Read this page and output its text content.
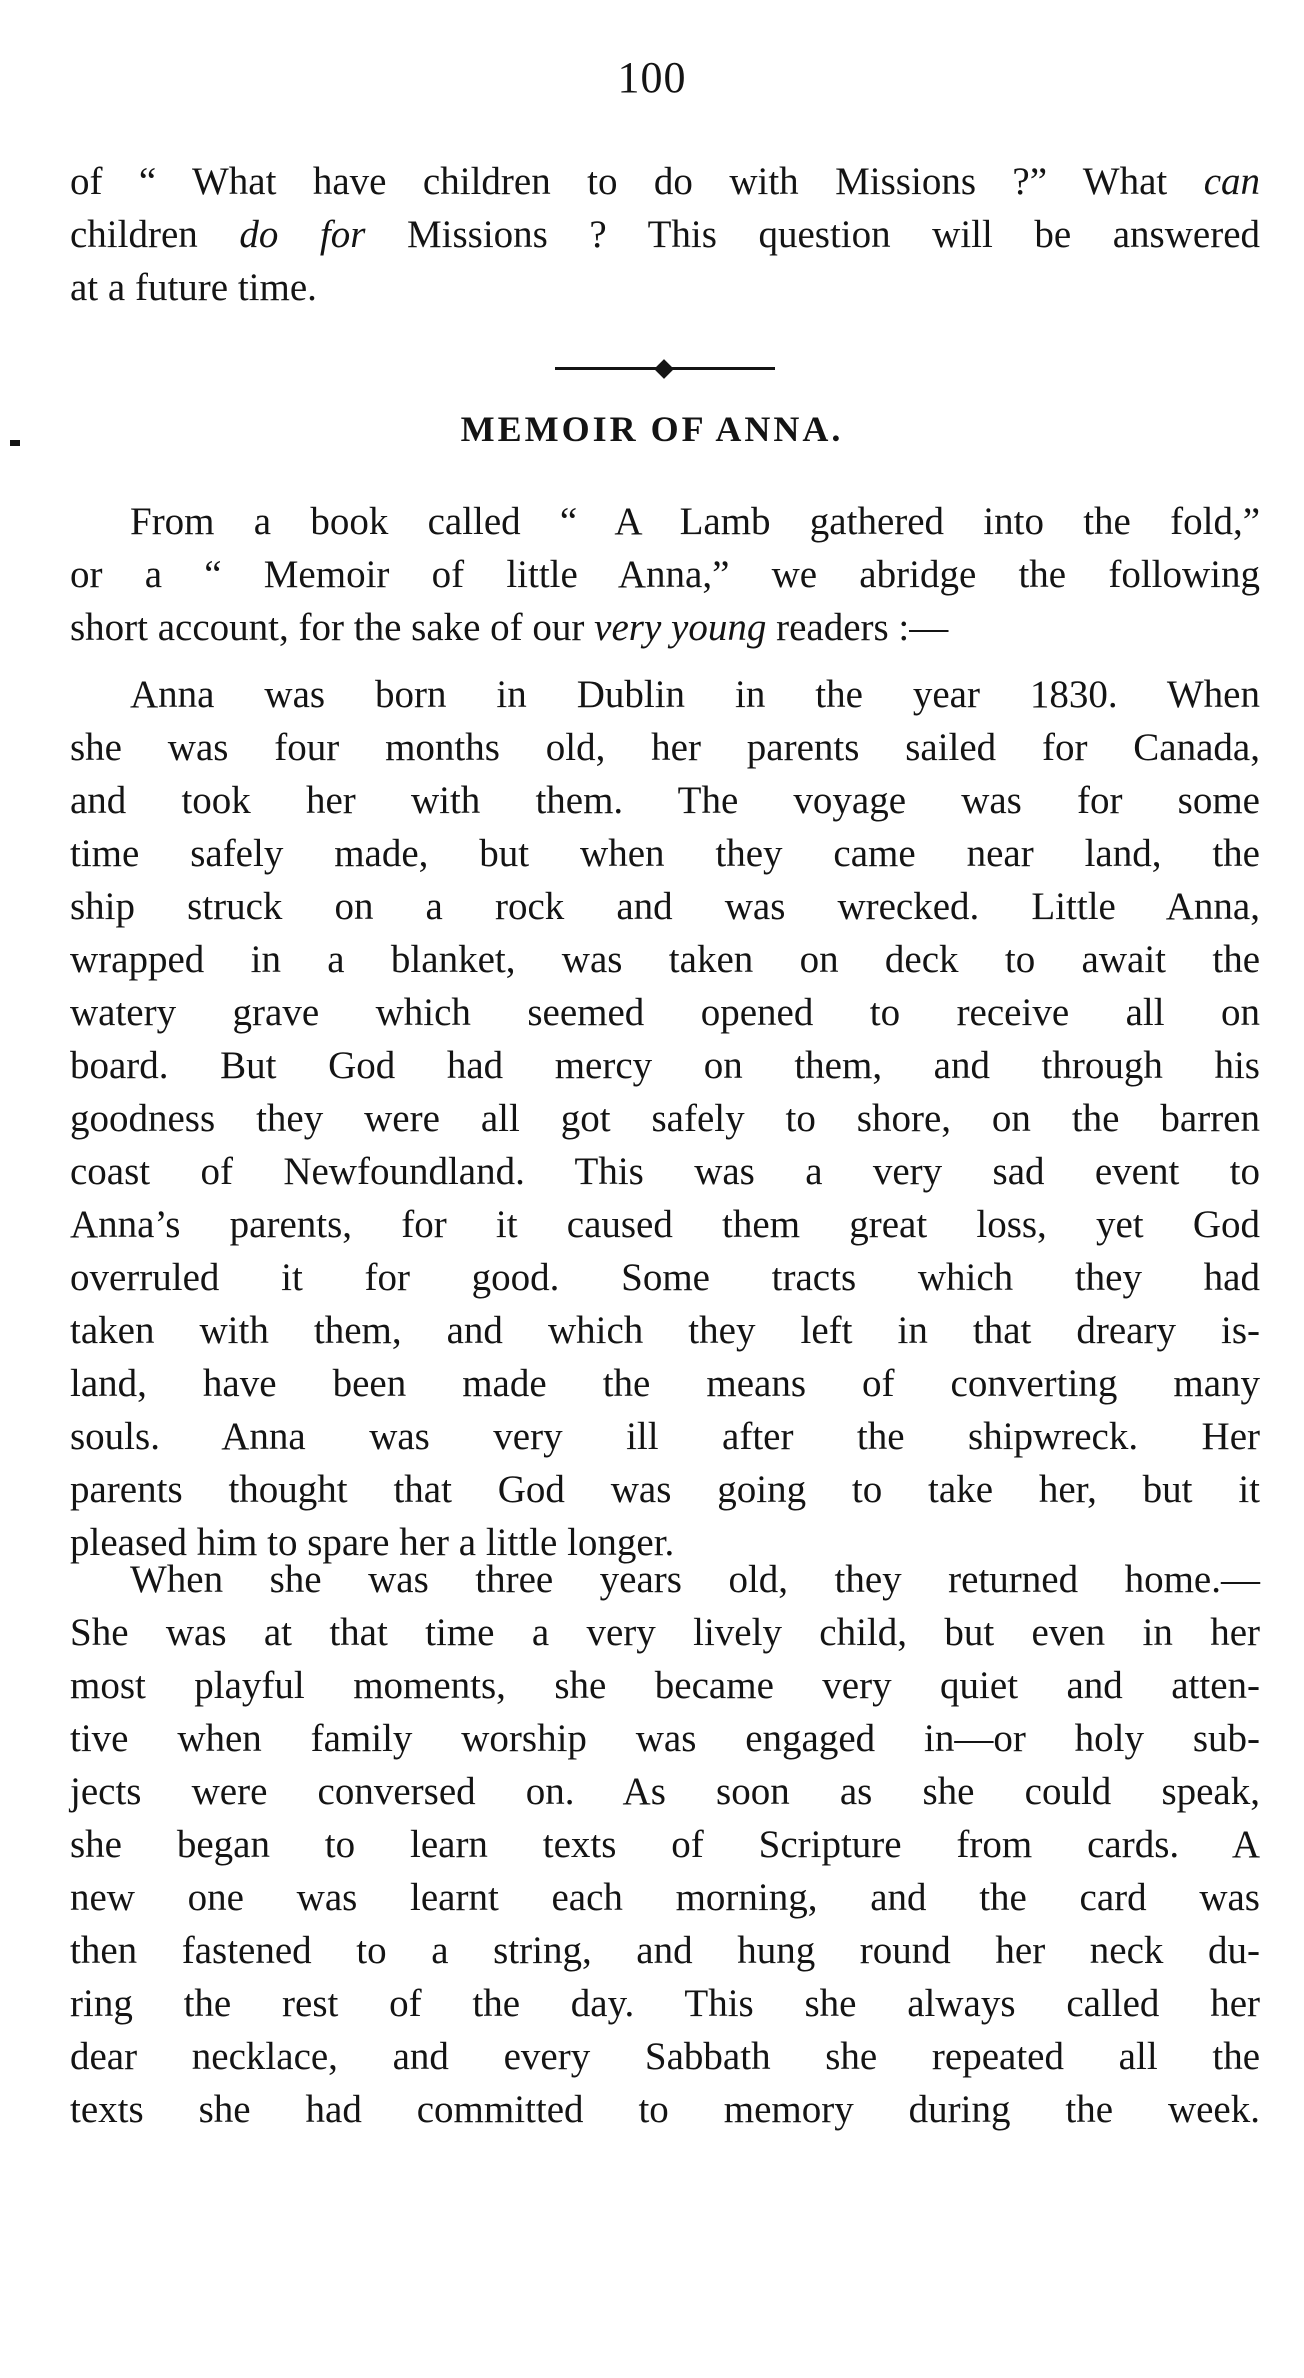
100
of “ What have children to do with Missions ?” What can
children do for Missions ? This question will be answered
at a future time.
MEMOIR OF ANNA.
From a book called “ A Lamb gathered into the fold,”
or a “ Memoir of little Anna,” we abridge the following
short account, for the sake of our very young readers :—
Anna was born in Dublin in the year 1830. When
she was four months old, her parents sailed for Canada,
and took her with them. The voyage was for some
time safely made, but when they came near land, the
ship struck on a rock and was wrecked. Little Anna,
wrapped in a blanket, was taken on deck to await the
watery grave which seemed opened to receive all on
board. But God had mercy on them, and through his
goodness they were all got safely to shore, on the barren
coast of Newfoundland. This was a very sad event to
Anna’s parents, for it caused them great loss, yet God
overruled it for good. Some tracts which they had
taken with them, and which they left in that dreary is-
land, have been made the means of converting many
souls. Anna was very ill after the shipwreck. Her
parents thought that God was going to take her, but it
pleased him to spare her a little longer.
When she was three years old, they returned home.—
She was at that time a very lively child, but even in her
most playful moments, she became very quiet and atten-
tive when family worship was engaged in—or holy sub-
jects were conversed on. As soon as she could speak,
she began to learn texts of Scripture from cards. A
new one was learnt each morning, and the card was
then fastened to a string, and hung round her neck du-
ring the rest of the day. This she always called her
dear necklace, and every Sabbath she repeated all the
texts she had committed to memory during the week.
